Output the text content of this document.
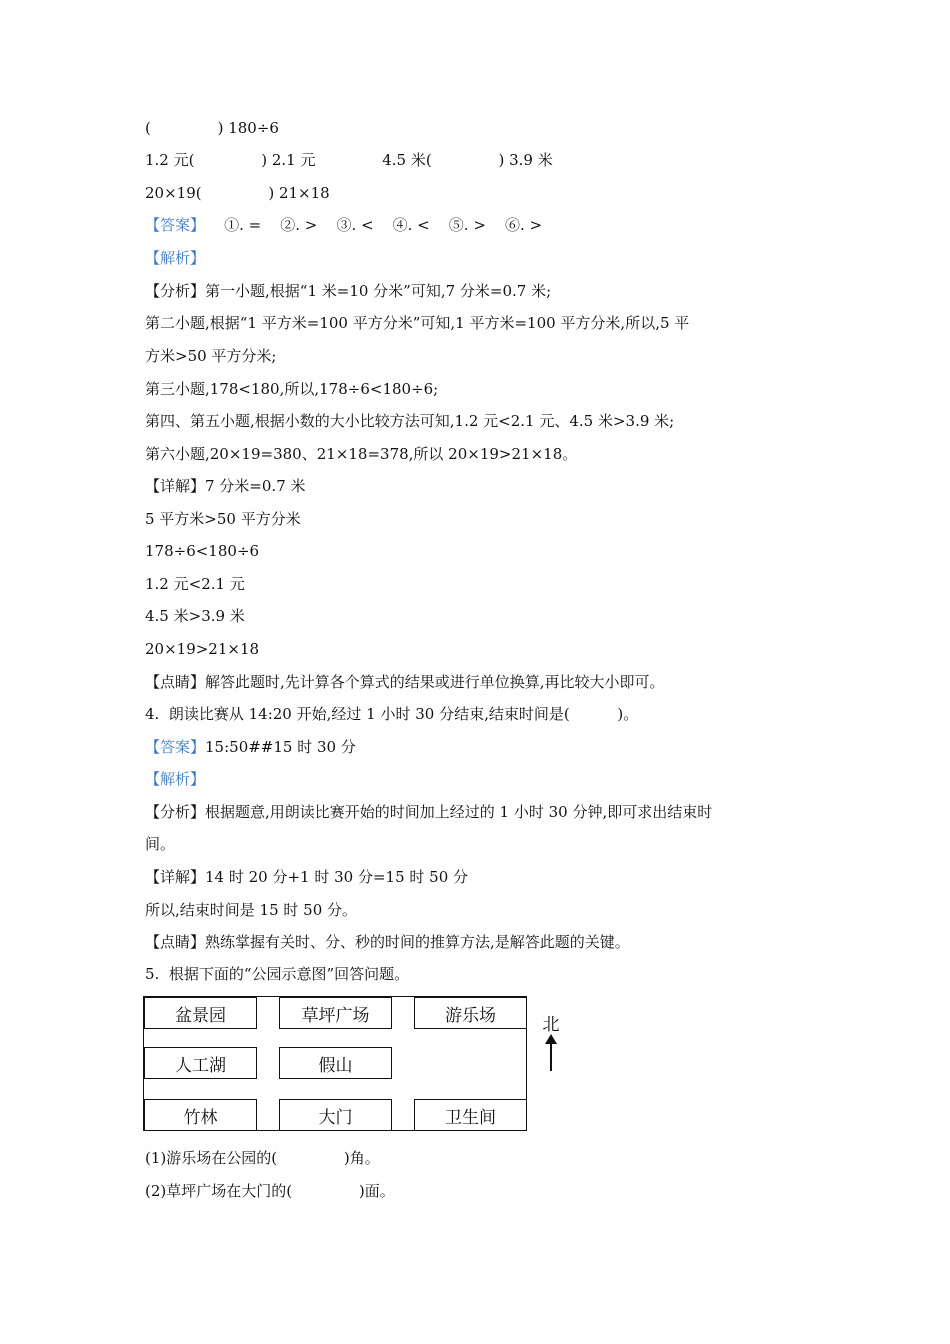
(              ) 180÷6
1.2 元(              ) 2.1 元              4.5 米(              ) 3.9 米
20×19(              ) 21×18
【答案】    ①. =    ②. >    ③. <    ④. <    ⑤. >    ⑥. >
【解析】
【分析】第一小题,根据“1 米=10 分米”可知,7 分米=0.7 米;
第二小题,根据“1 平方米=100 平方分米”可知,1 平方米=100 平方分米,所以,5 平
方米>50 平方分米;
第三小题,178<180,所以,178÷6<180÷6;
第四、第五小题,根据小数的大小比较方法可知,1.2 元<2.1 元、4.5 米>3.9 米;
第六小题,20×19=380、21×18=378,所以 20×19>21×18。
【详解】7 分米=0.7 米
5 平方米>50 平方分米
178÷6<180÷6
1.2 元<2.1 元
4.5 米>3.9 米
20×19>21×18
【点睛】解答此题时,先计算各个算式的结果或进行单位换算,再比较大小即可。
4.  朗读比赛从 14:20 开始,经过 1 小时 30 分结束,结束时间是(          )。
【答案】15:50##15 时 30 分
【解析】
【分析】根据题意,用朗读比赛开始的时间加上经过的 1 小时 30 分钟,即可求出结束时
间。
【详解】14 时 20 分+1 时 30 分=15 时 50 分
所以,结束时间是 15 时 50 分。
【点睛】熟练掌握有关时、分、秒的时间的推算方法,是解答此题的关键。
5.  根据下面的“公园示意图”回答问题。
盆景园	草坪广场	游乐场
人工湖	假山
竹林	大门	卫生间
北
(1)游乐场在公园的(              )角。
(2)草坪广场在大门的(              )面。
